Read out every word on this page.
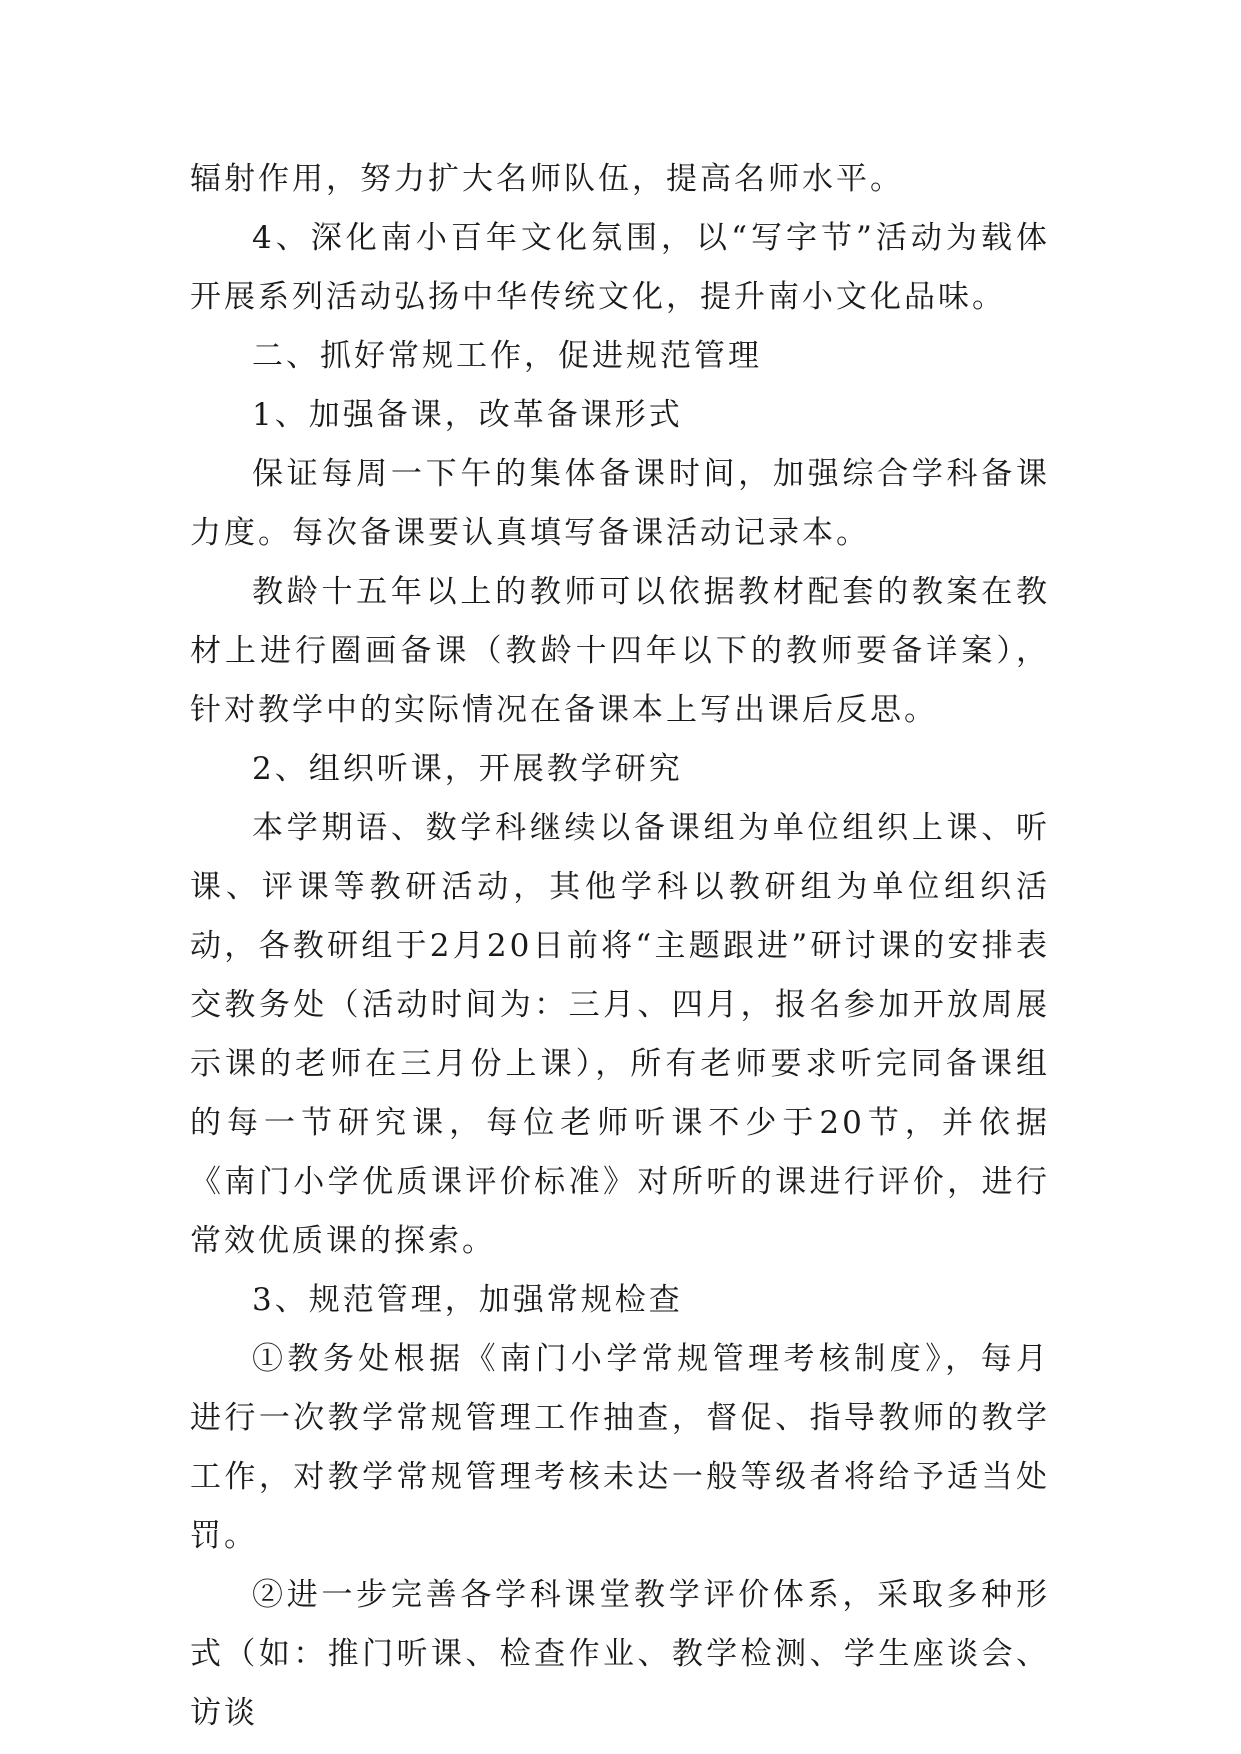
辐射作用，努力扩大名师队伍，提高名师水平。

4、深化南小百年文化氛围，以“写字节”活动为载体开展系列活动弘扬中华传统文化，提升南小文化品味。

二、抓好常规工作，促进规范管理

1、加强备课，改革备课形式

保证每周一下午的集体备课时间，加强综合学科备课力度。每次备课要认真填写备课活动记录本。

教龄十五年以上的教师可以依据教材配套的教案在教材上进行圈画备课（教龄十四年以下的教师要备详案），针对教学中的实际情况在备课本上写出课后反思。

2、组织听课，开展教学研究

本学期语、数学科继续以备课组为单位组织上课、听课、评课等教研活动，其他学科以教研组为单位组织活动，各教研组于2月20日前将“主题跟进”研讨课的安排表交教务处（活动时间为：三月、四月，报名参加开放周展示课的老师在三月份上课），所有老师要求听完同备课组的每一节研究课，每位老师听课不少于20节，并依据《南门小学优质课评价标准》对所听的课进行评价，进行常效优质课的探索。

3、规范管理，加强常规检查

①教务处根据《南门小学常规管理考核制度》，每月进行一次教学常规管理工作抽查，督促、指导教师的教学工作，对教学常规管理考核未达一般等级者将给予适当处罚。

②进一步完善各学科课堂教学评价体系，采取多种形式（如：推门听课、检查作业、教学检测、学生座谈会、访谈
